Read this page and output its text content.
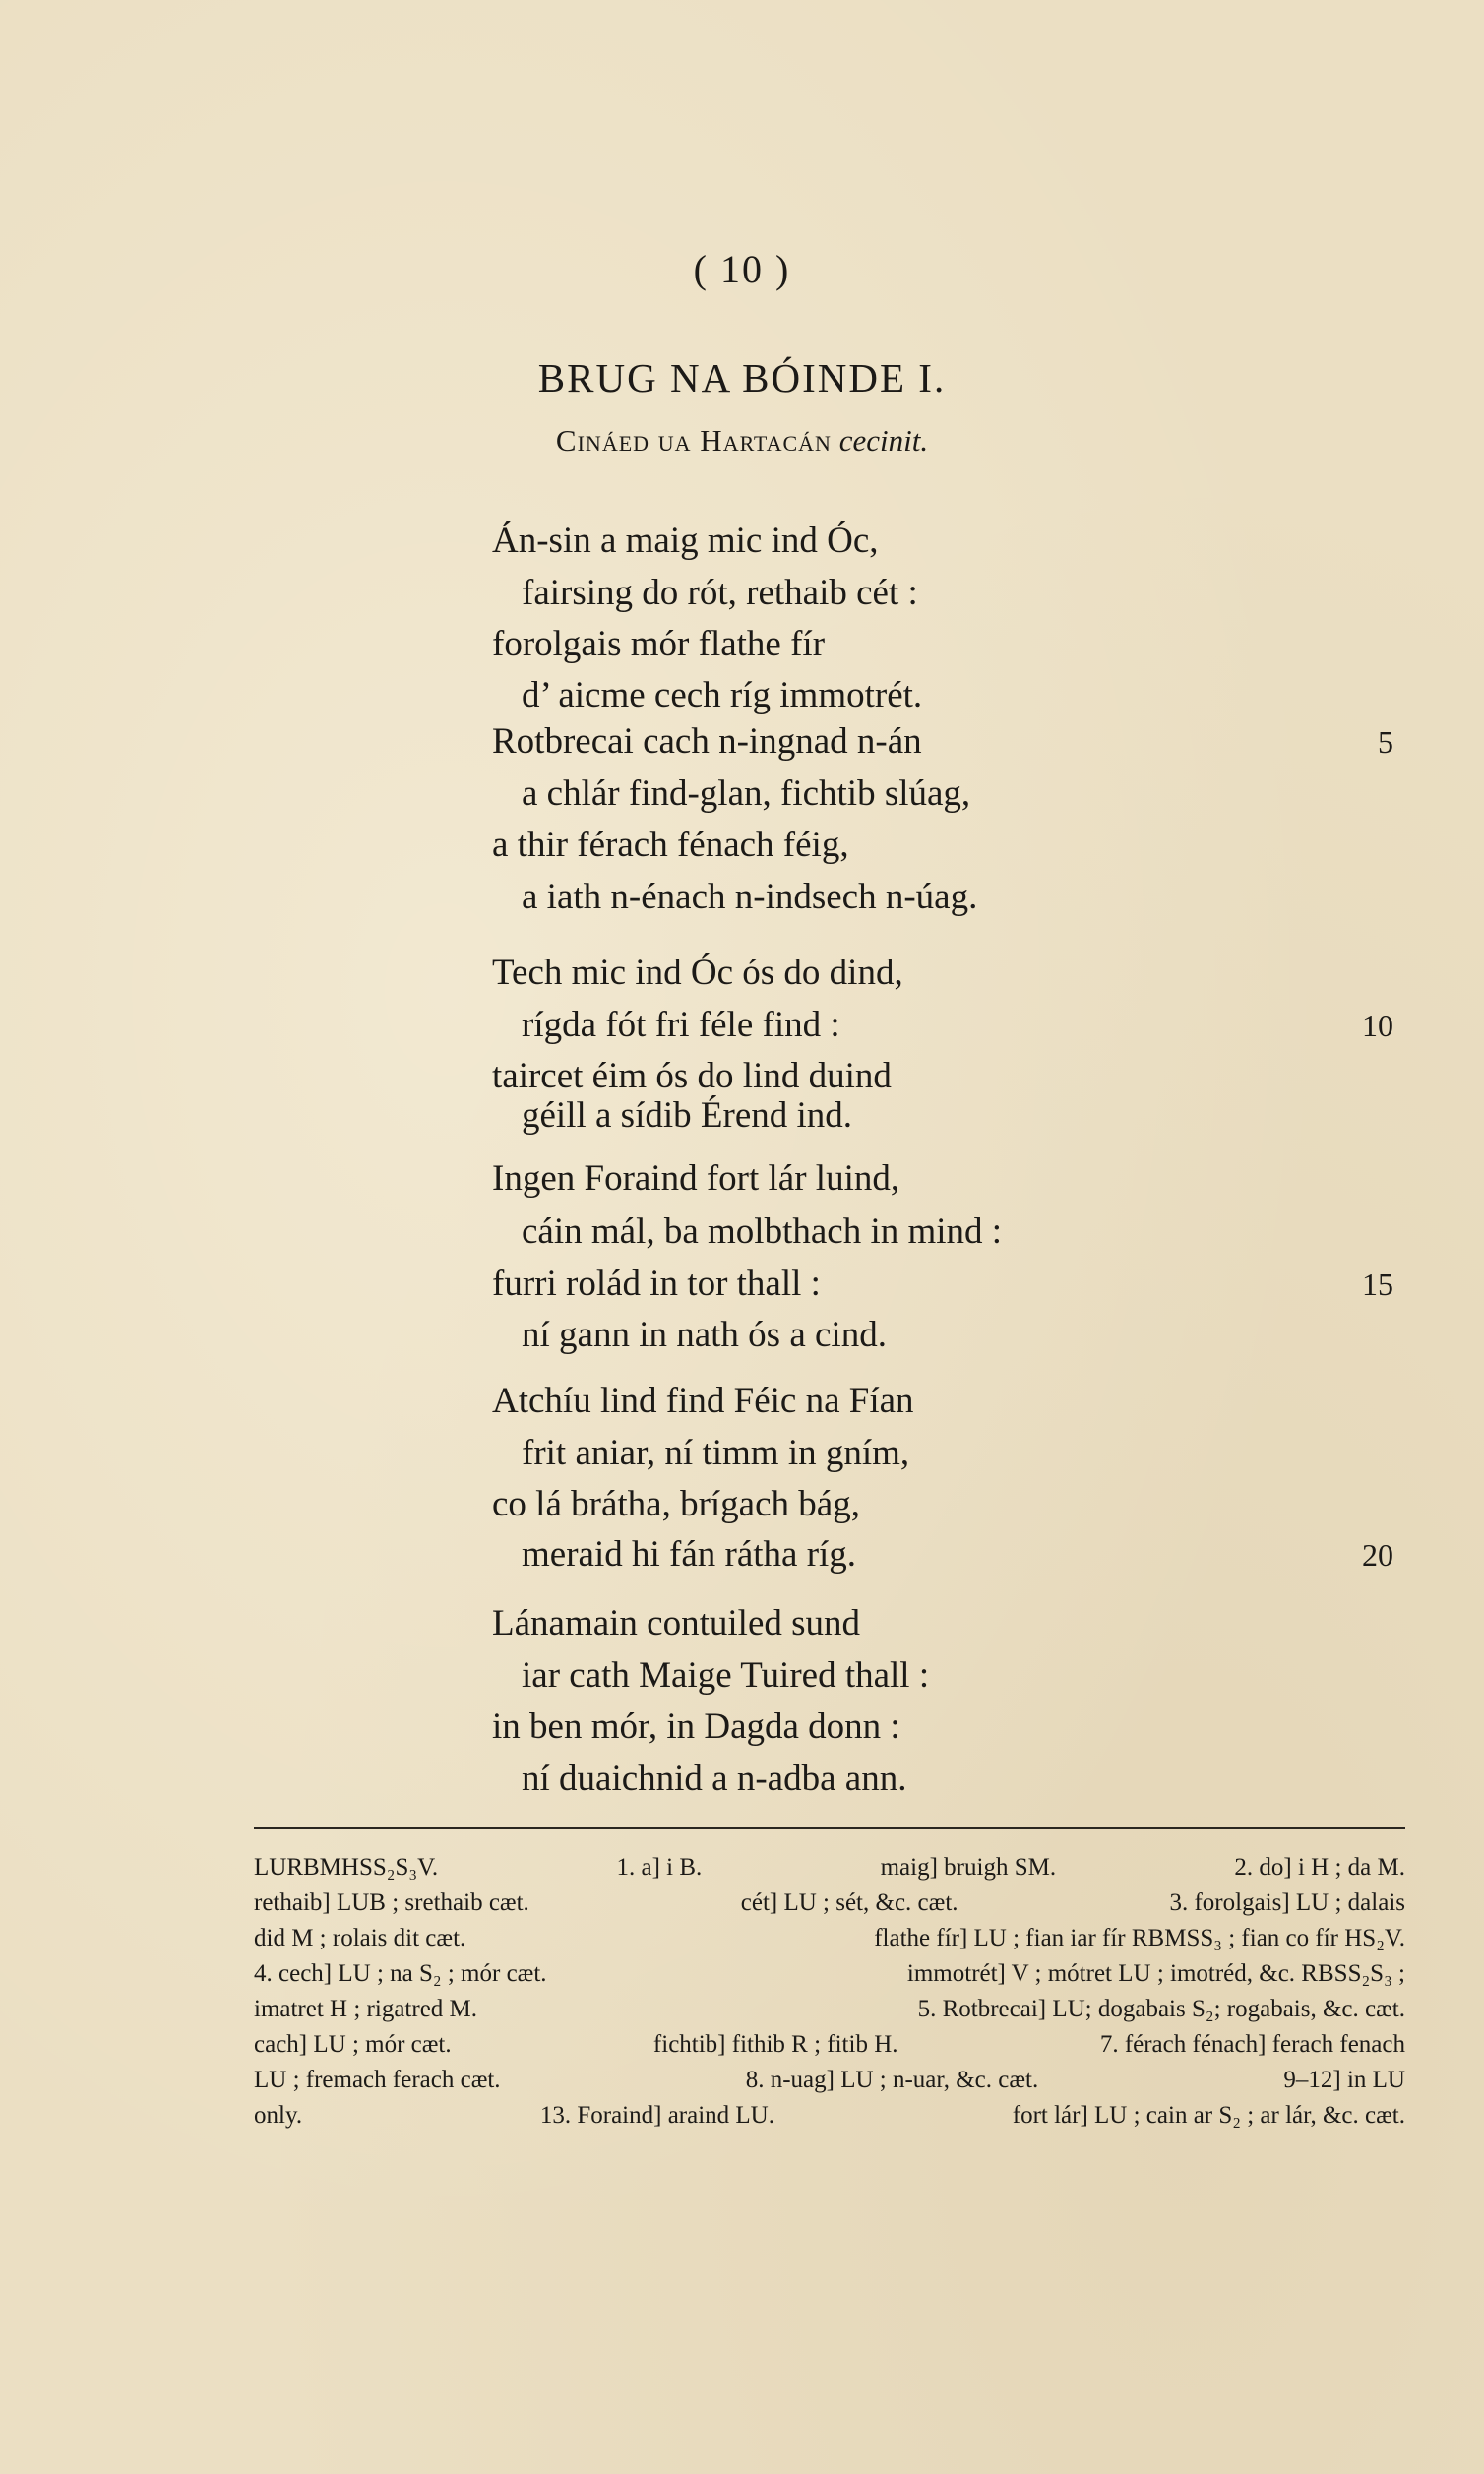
( 10 )
BRUG NA BÓINDE I.
Cináed ua Hartacán cecinit.
Án-sin a maig mic ind Óc,
fairsing do rót, rethaib cét :
forolgais mór flathe fír
d’ aicme cech ríg immotrét.
Rotbrecai cach n-ingnad n-án	5
a chlár find-glan, fichtib slúag,
a thir férach fénach féig,
a iath n-énach n-indsech n-úag.
Tech mic ind Óc ós do dind,
rígda fót fri féle find :	10
taircet éim ós do lind duind
géill a sídib Érend ind.
Ingen Foraind fort lár luind,
cáin mál, ba molbthach in mind :
furri rolád in tor thall :	15
ní gann in nath ós a cind.
Atchíu lind find Féic na Fían
frit aniar, ní timm in gním,
co lá brátha, brígach bág,
meraid hi fán rátha ríg.	20
Lánamain contuiled sund
iar cath Maige Tuired thall :
in ben mór, in Dagda donn :
ní duaichnid a n-adba ann.
LURBMHSS₂S₃V.	1. a] i B.	maig] bruigh SM.	2. do] i H ; da M.
rethaib] LUB ; srethaib cæt.	cét] LU ; sét, &c. cæt.	3. forolgais] LU ; dalais
did M ; rolais dit cæt.	flathe fír] LU ; fian iar fír RBMSS₃ ; fian co fír HS₂V.
4. cech] LU ; na S₂ ; mór cæt.	immotrét] V ; mótret LU ; imotréd, &c. RBSS₂S₃ ;
imatret H ; rigatred M.	5. Rotbrecai] LU; dogabais S₂; rogabais, &c. cæt.
cach] LU ; mór cæt.	fichtib] fithib R ; fitib H.	7. férach fénach] ferach fenach
LU ; fremach ferach cæt.	8. n-uag] LU ; n-uar, &c. cæt.	9–12] in LU
only.	13. Foraind] araind LU.	fort lár] LU ; cain ar S₂ ; ar lár, &c. cæt.
